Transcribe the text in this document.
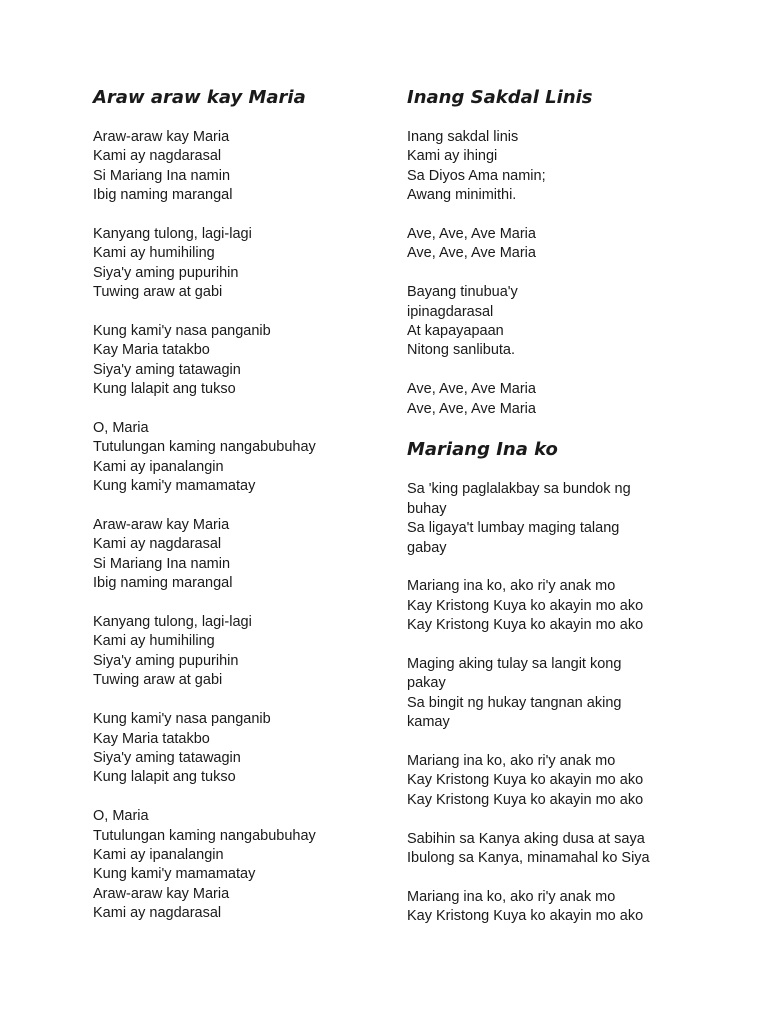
Araw araw kay Maria

Araw-araw kay Maria
Kami ay nagdarasal
Si Mariang Ina namin
Ibig naming marangal

Kanyang tulong, lagi-lagi
Kami ay humihiling
Siya'y aming pupurihin
Tuwing araw at gabi

Kung kami'y nasa panganib
Kay Maria tatakbo
Siya'y aming tatawagin
Kung lalapit ang tukso

O, Maria
Tutulungan kaming nangabubuhay
Kami ay ipanalangin
Kung kami'y mamamatay

Araw-araw kay Maria
Kami ay nagdarasal
Si Mariang Ina namin
Ibig naming marangal

Kanyang tulong, lagi-lagi
Kami ay humihiling
Siya'y aming pupurihin
Tuwing araw at gabi

Kung kami'y nasa panganib
Kay Maria tatakbo
Siya'y aming tatawagin
Kung lalapit ang tukso

O, Maria
Tutulungan kaming nangabubuhay
Kami ay ipanalangin
Kung kami'y mamamatay
Araw-araw kay Maria
Kami ay nagdarasal

Inang Sakdal Linis

Inang sakdal linis
Kami ay ihingi
Sa Diyos Ama namin;
Awang minimithi.

Ave, Ave, Ave Maria
Ave, Ave, Ave Maria

Bayang tinubua'y
ipinagdarasal
At kapayapaan
Nitong sanlibuta.

Ave, Ave, Ave Maria
Ave, Ave, Ave Maria

Mariang Ina ko

Sa 'king paglalakbay sa bundok ng
buhay
Sa ligaya't lumbay maging talang
gabay

Mariang ina ko, ako ri'y anak mo
Kay Kristong Kuya ko akayin mo ako
Kay Kristong Kuya ko akayin mo ako

Maging aking tulay sa langit kong
pakay
Sa bingit ng hukay tangnan aking
kamay

Mariang ina ko, ako ri'y anak mo
Kay Kristong Kuya ko akayin mo ako
Kay Kristong Kuya ko akayin mo ako

Sabihin sa Kanya aking dusa at saya
Ibulong sa Kanya, minamahal ko Siya

Mariang ina ko, ako ri'y anak mo
Kay Kristong Kuya ko akayin mo ako
